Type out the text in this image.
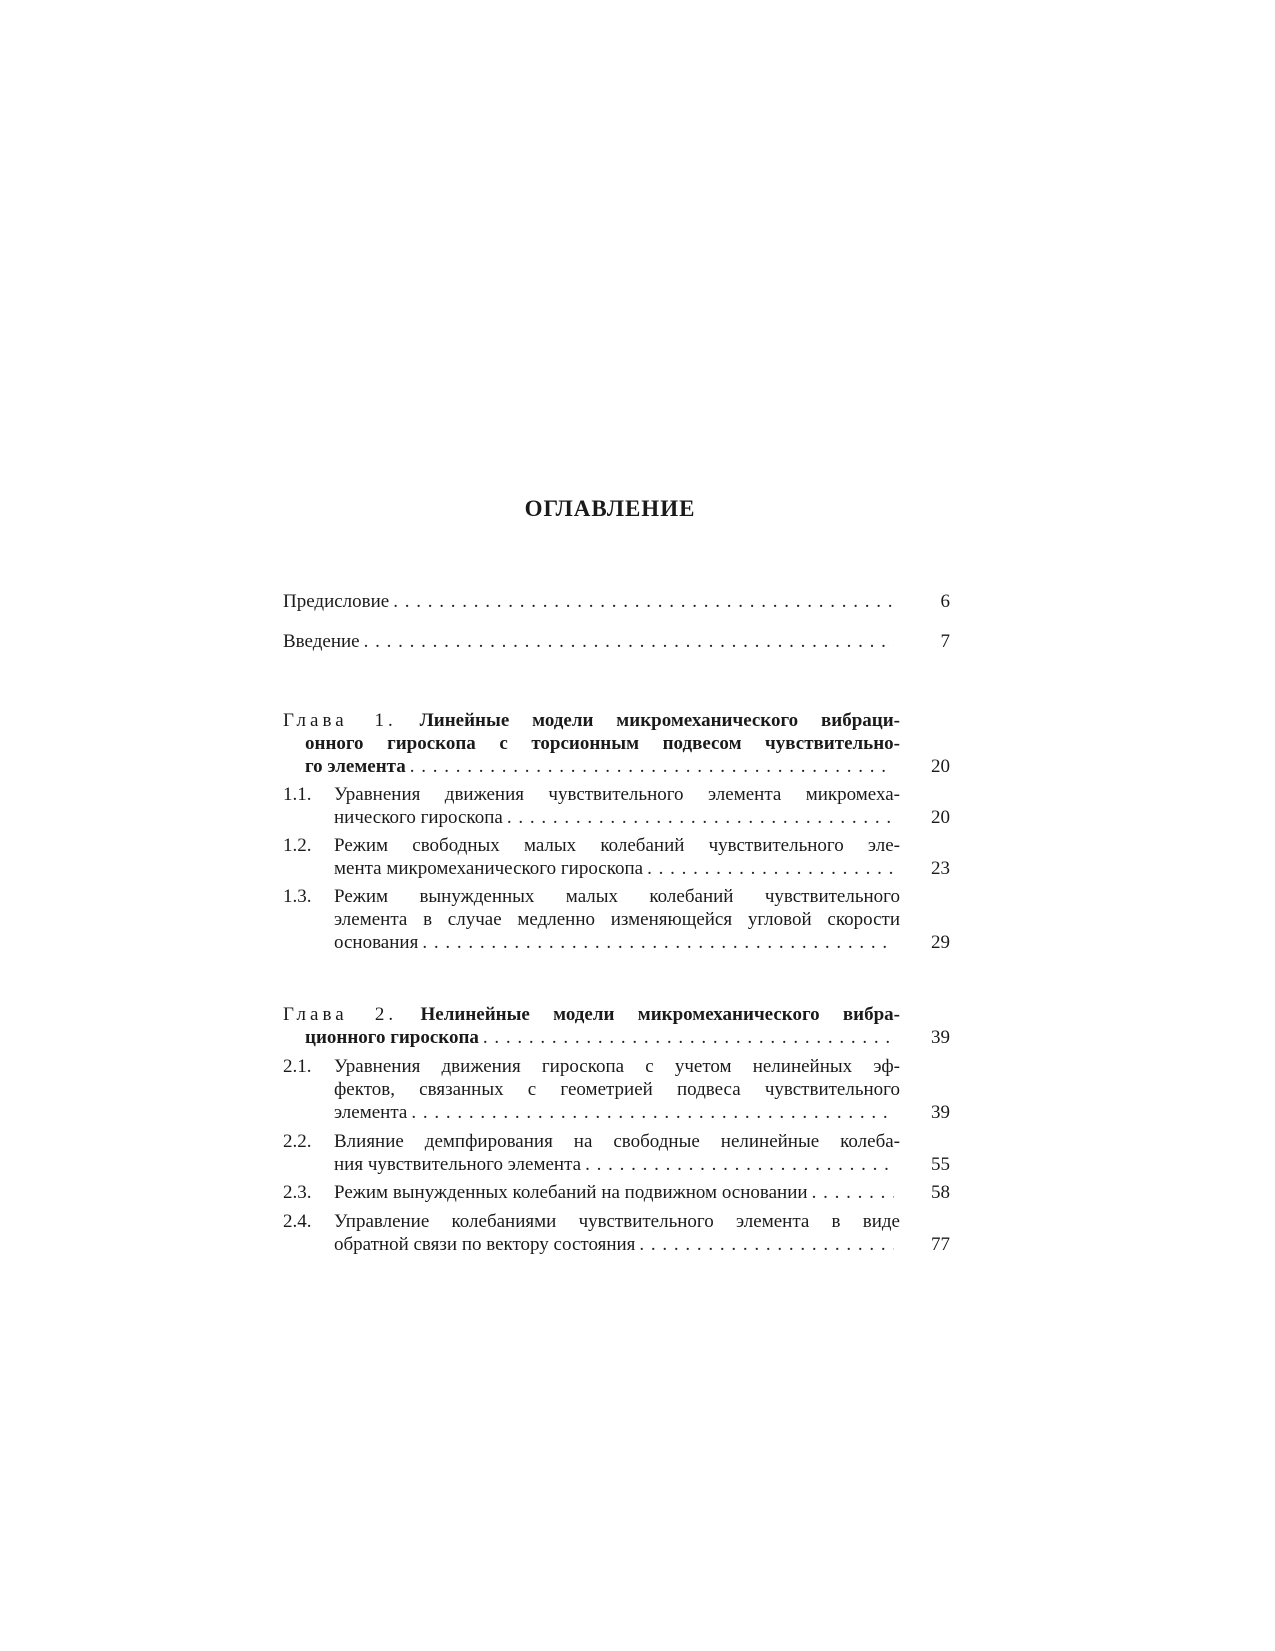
ОГЛАВЛЕНИЕ
Предисловие . . .	6
Введение . . .	7
Глава 1. Линейные модели микромеханического вибраци-
онного гироскопа с торсионным подвесом чувствительно-
го элемента . . .	20
1.1.	Уравнения движения чувствительного элемента микромеха-
нического гироскопа . . .	20
1.2.	Режим свободных малых колебаний чувствительного эле-
мента микромеханического гироскопа . . .	23
1.3.	Режим вынужденных малых колебаний чувствительного
элемента в случае медленно изменяющейся угловой скорости
основания . . .	29
Глава 2. Нелинейные модели микромеханического вибра-
ционного гироскопа . . .	39
2.1.	Уравнения движения гироскопа с учетом нелинейных эф-
фектов, связанных с геометрией подвеса чувствительного
элемента . . .	39
2.2.	Влияние демпфирования на свободные нелинейные колеба-
ния чувствительного элемента . . .	55
2.3.	Режим вынужденных колебаний на подвижном основании . . .	58
2.4.	Управление колебаниями чувствительного элемента в виде
обратной связи по вектору состояния . . .	77
